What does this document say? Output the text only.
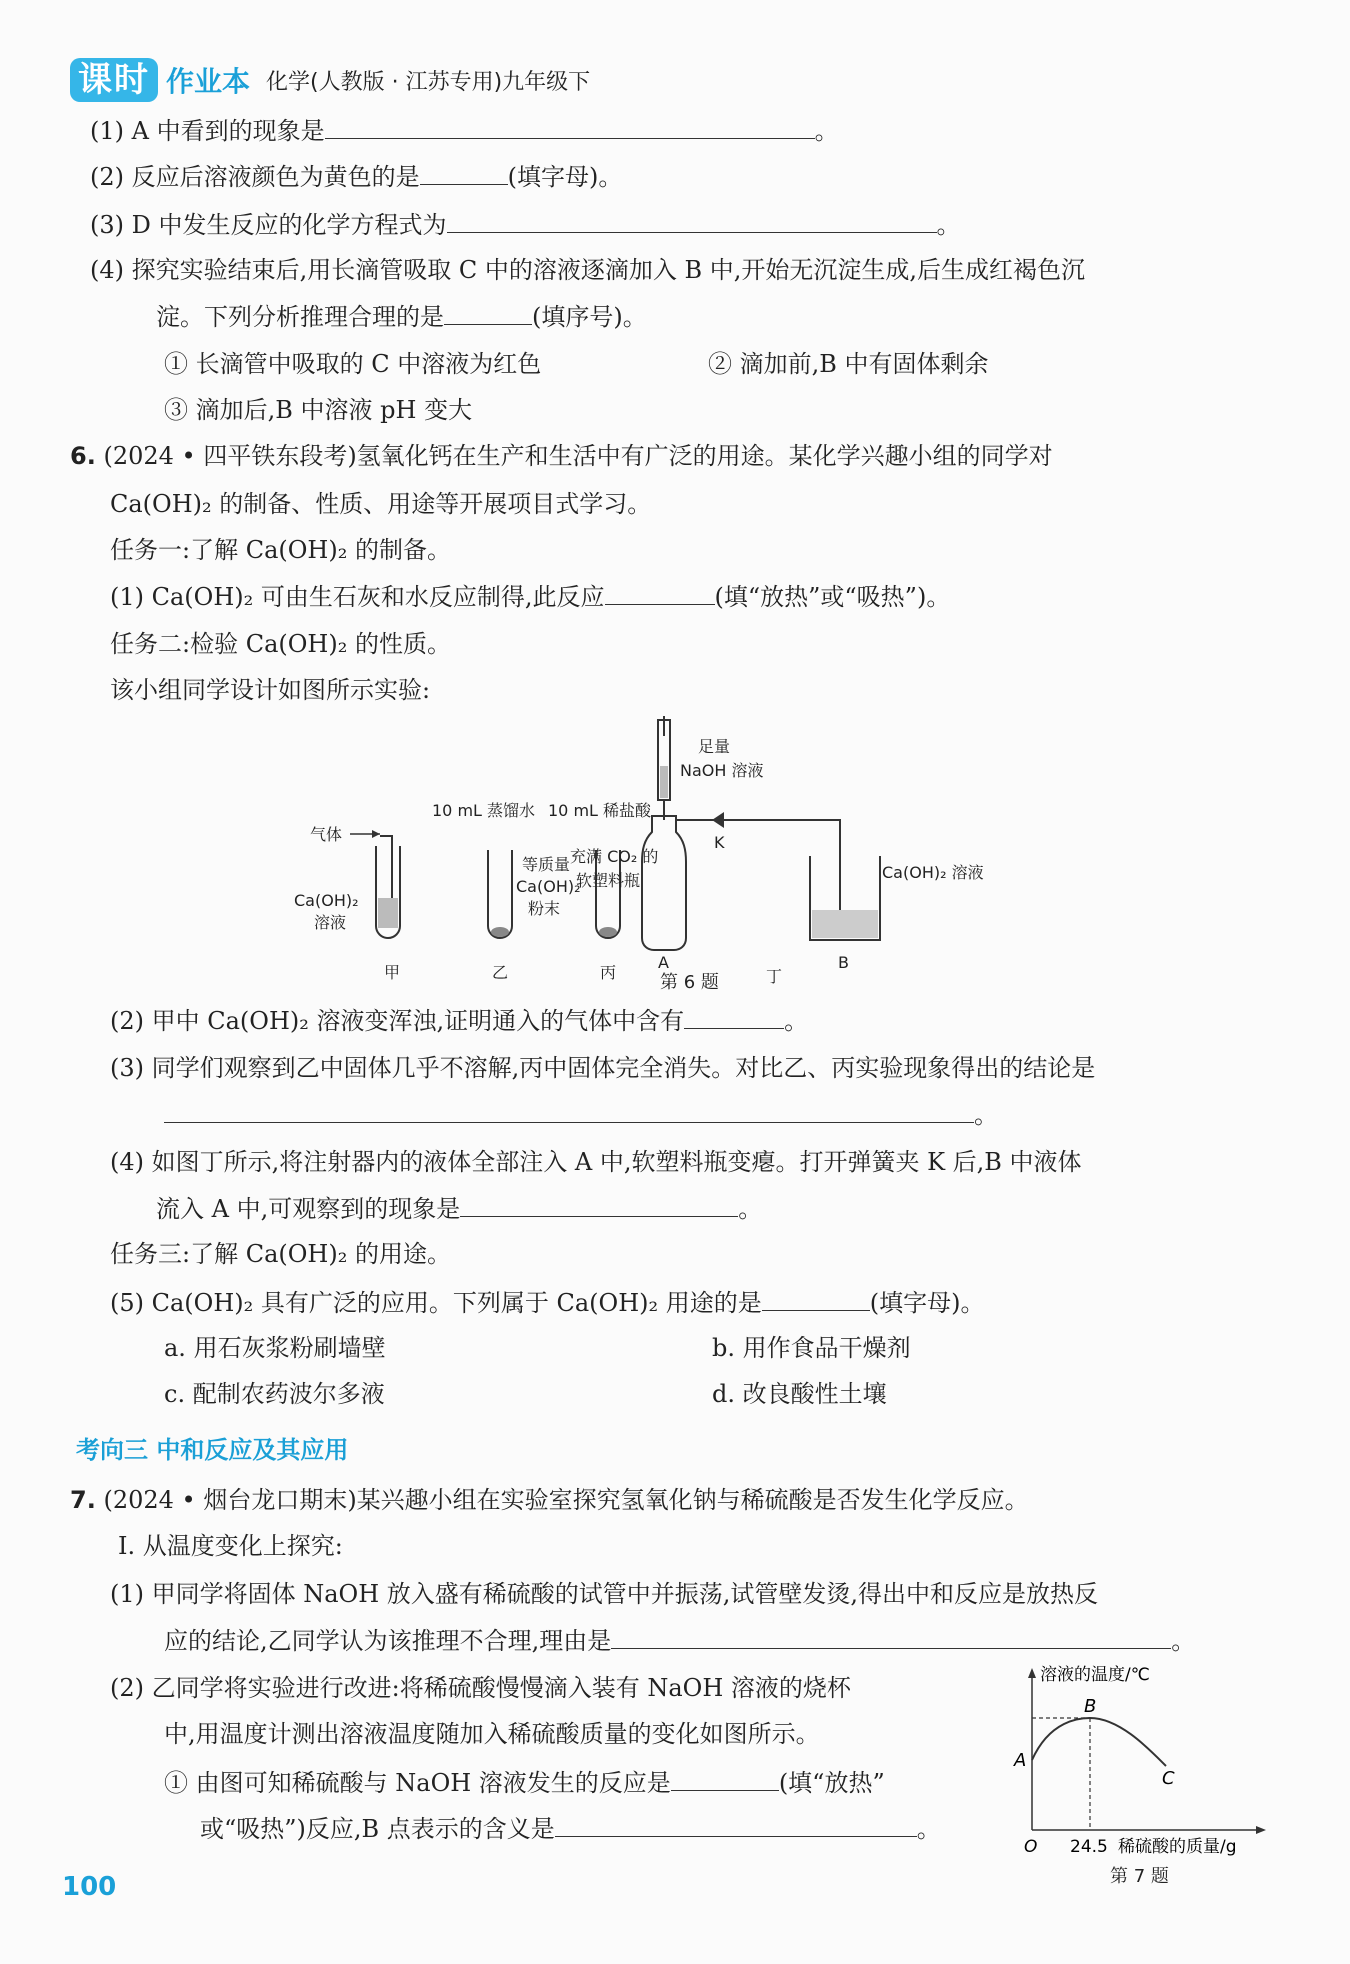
课时 作业本 化学(人教版 · 江苏专用)九年级下
(1) A 中看到的现象是	。
(2) 反应后溶液颜色为黄色的是	(填字母)。
(3) D 中发生反应的化学方程式为	。
(4) 探究实验结束后,用长滴管吸取 C 中的溶液逐滴加入 B 中,开始无沉淀生成,后生成红褐色沉
淀。下列分析推理合理的是	(填序号)。
① 长滴管中吸取的 C 中溶液为红色	② 滴加前,B 中有固体剩余
③ 滴加后,B 中溶液 pH 变大
6. (2024 • 四平铁东段考)氢氧化钙在生产和生活中有广泛的用途。某化学兴趣小组的同学对
Ca(OH)₂ 的制备、性质、用途等开展项目式学习。
任务一:了解 Ca(OH)₂ 的制备。
(1) Ca(OH)₂ 可由生石灰和水反应制得,此反应	(填“放热”或“吸热”)。
任务二:检验 Ca(OH)₂ 的性质。
该小组同学设计如图所示实验:
气体
Ca(OH)₂
溶液
甲
10 mL 蒸馏水
等质量
Ca(OH)₂
粉末
乙
10 mL 稀盐酸
丙
足量
NaOH 溶液
K
充满 CO₂ 的
软塑料瓶
A
Ca(OH)₂ 溶液
B
丁
第 6 题
(2) 甲中 Ca(OH)₂ 溶液变浑浊,证明通入的气体中含有	。
(3) 同学们观察到乙中固体几乎不溶解,丙中固体完全消失。对比乙、丙实验现象得出的结论是
。
(4) 如图丁所示,将注射器内的液体全部注入 A 中,软塑料瓶变瘪。打开弹簧夹 K 后,B 中液体
流入 A 中,可观察到的现象是	。
任务三:了解 Ca(OH)₂ 的用途。
(5) Ca(OH)₂ 具有广泛的应用。下列属于 Ca(OH)₂ 用途的是	(填字母)。
a. 用石灰浆粉刷墙壁	b. 用作食品干燥剂
c. 配制农药波尔多液	d. 改良酸性土壤
考向三 中和反应及其应用
7. (2024 • 烟台龙口期末)某兴趣小组在实验室探究氢氧化钠与稀硫酸是否发生化学反应。
Ⅰ. 从温度变化上探究:
(1) 甲同学将固体 NaOH 放入盛有稀硫酸的试管中并振荡,试管壁发烫,得出中和反应是放热反
应的结论,乙同学认为该推理不合理,理由是	。
(2) 乙同学将实验进行改进:将稀硫酸慢慢滴入装有 NaOH 溶液的烧杯
中,用温度计测出溶液温度随加入稀硫酸质量的变化如图所示。
① 由图可知稀硫酸与 NaOH 溶液发生的反应是	(填“放热”
或“吸热”)反应,B 点表示的含义是	。
溶液的温度/℃
B
A
C
O 24.5 稀硫酸的质量/g
第 7 题
100
